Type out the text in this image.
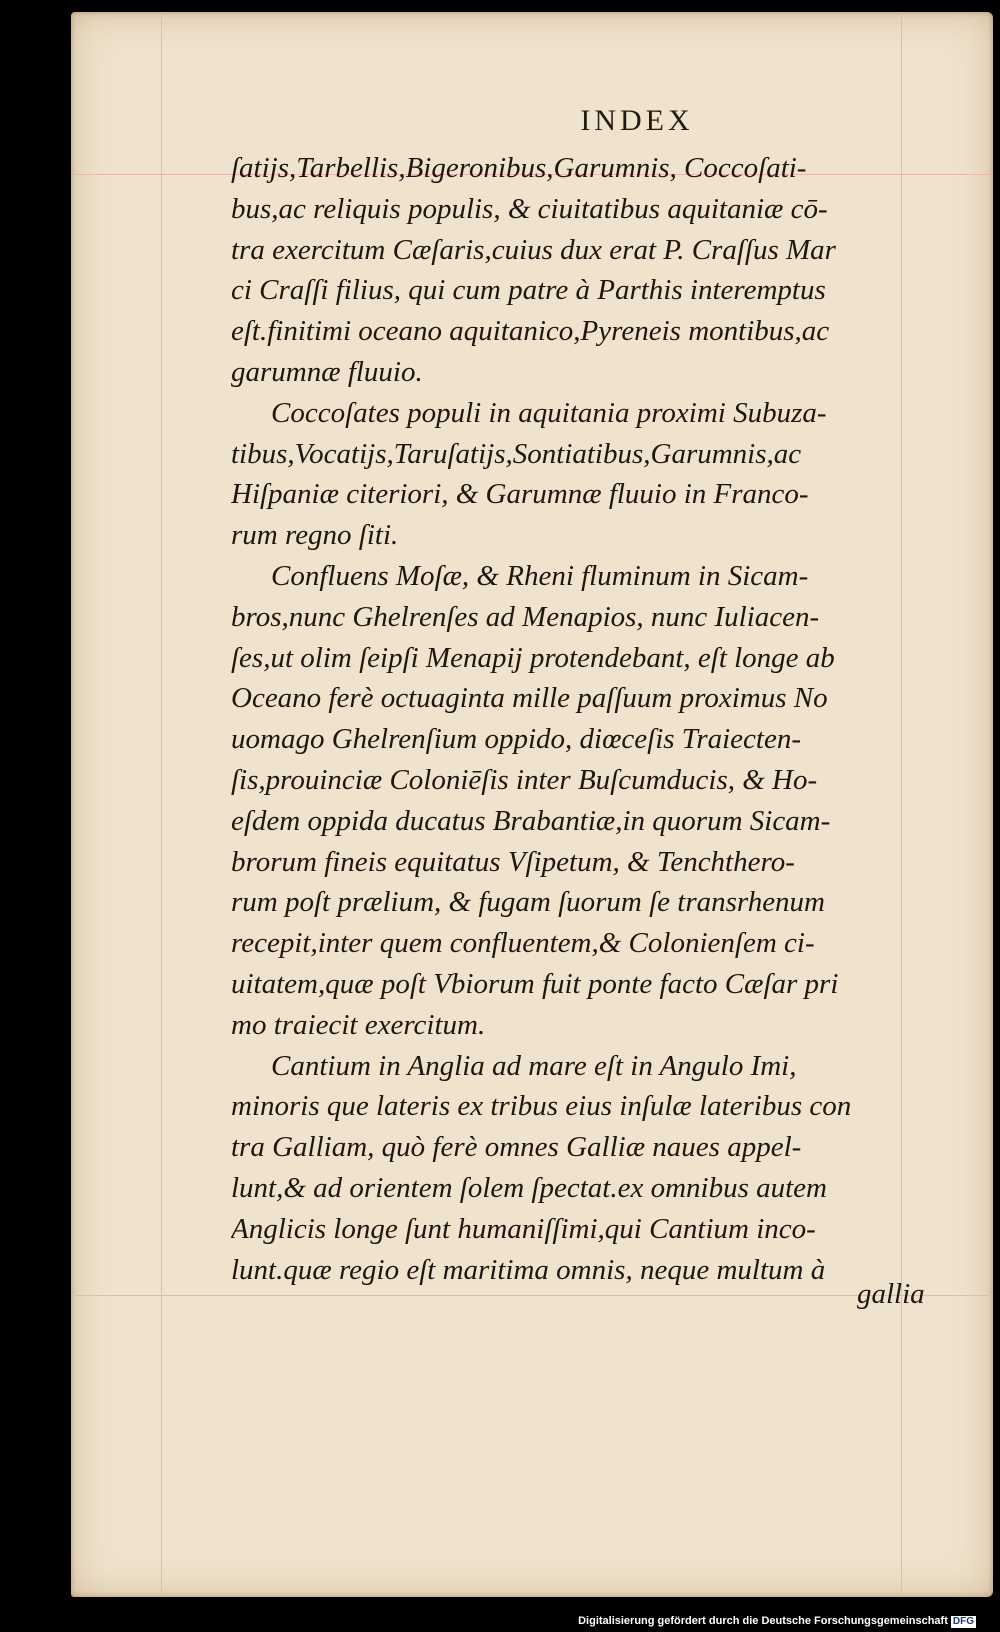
INDEX
ſatijs,Tarbellis,Bigeronibus,Garumnis, Coccoſati-
bus,ac reliquis populis, & ciuitatibus aquitaniæ cō-
tra exercitum Cæſaris,cuius dux erat P. Craſſus Mar
ci Craſſi filius, qui cum patre à Parthis interemptus
eſt.finitimi oceano aquitanico,Pyreneis montibus,ac
garumnæ fluuio.
Coccoſates populi in aquitania proximi Subuza-
tibus,Vocatijs,Taruſatijs,Sontiatibus,Garumnis,ac
Hiſpaniæ citeriori, & Garumnæ fluuio in Franco-
rum regno ſiti.
Confluens Moſæ, & Rheni fluminum in Sicam-
bros,nunc Ghelrenſes ad Menapios, nunc Iuliacen-
ſes,ut olim ſeipſi Menapij protendebant, eſt longe ab
Oceano ferè octuaginta mille paſſuum proximus No
uomago Ghelrenſium oppido, diœceſis Traiecten-
ſis,prouinciæ Coloniēſis inter Buſcumducis, & Ho-
eſdem oppida ducatus Brabantiæ,in quorum Sicam-
brorum fineis equitatus Vſipetum, & Tenchthero-
rum poſt prælium, & fugam ſuorum ſe transrhenum
recepit,inter quem confluentem,& Colonienſem ci-
uitatem,quæ poſt Vbiorum fuit ponte facto Cæſar pri
mo traiecit exercitum.
Cantium in Anglia ad mare eſt in Angulo Imi,
minoris que lateris ex tribus eius inſulæ lateribus con
tra Galliam, quò ferè omnes Galliæ naues appel-
lunt,& ad orientem ſolem ſpectat.ex omnibus autem
Anglicis longe ſunt humaniſſimi,qui Cantium inco-
lunt.quæ regio eſt maritima omnis, neque multum à
gallia
Digitalisierung gefördert durch die Deutsche Forschungsgemeinschaft DFG
